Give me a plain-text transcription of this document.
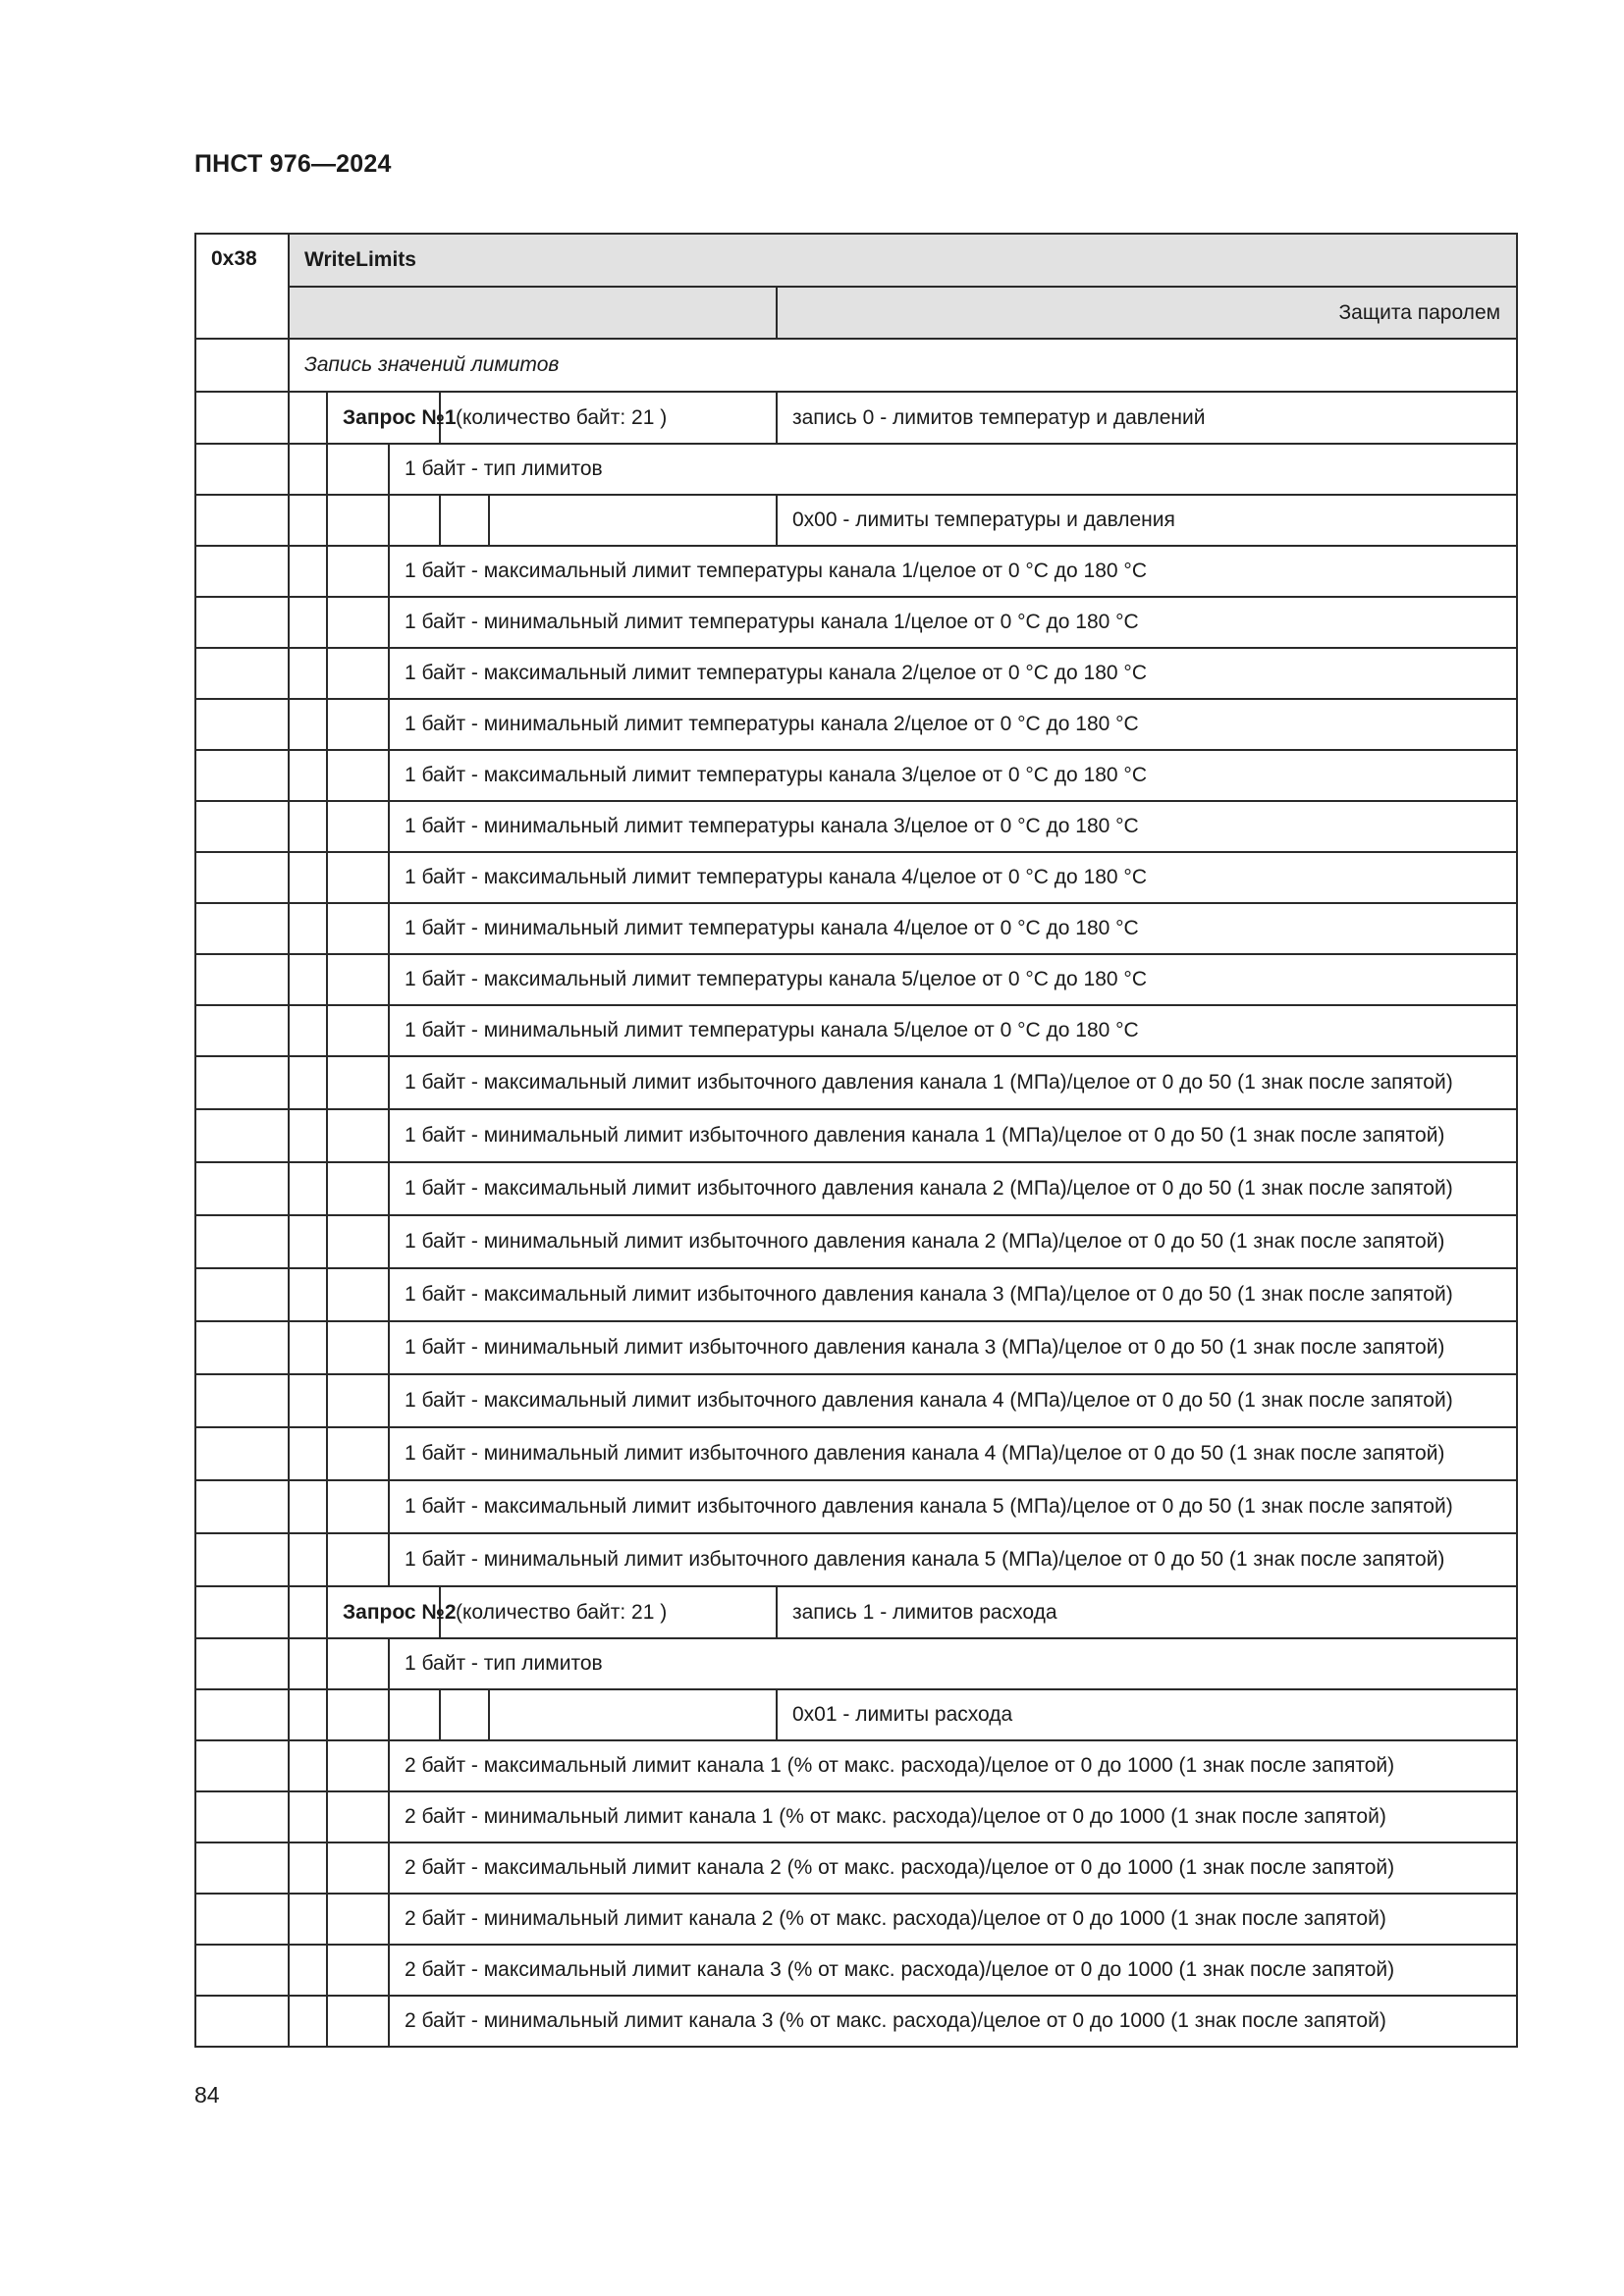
ПНСТ 976—2024
0x38	WriteLimits					
						Защита паролем
	Запись значений лимитов					
		Запрос №1		(количество байт: 21 )		запись 0 - лимитов температур и давлений
			1 байт - тип лимитов			
						0x00 - лимиты температуры и давления
			1 байт - максимальный лимит температуры канала 1/целое от 0 °С до 180 °С			
			1 байт - минимальный лимит температуры канала 1/целое от 0 °С до 180 °С			
			1 байт - максимальный лимит температуры канала 2/целое от 0 °С до 180 °С			
			1 байт - минимальный лимит температуры канала 2/целое от 0 °С до 180 °С			
			1 байт - максимальный лимит температуры канала 3/целое от 0 °С до 180 °С			
			1 байт - минимальный лимит температуры канала 3/целое от 0 °С до 180 °С			
			1 байт - максимальный лимит температуры канала 4/целое от 0 °С до 180 °С			
			1 байт - минимальный лимит температуры канала 4/целое от 0 °С до 180 °С			
			1 байт - максимальный лимит температуры канала 5/целое от 0 °С до 180 °С			
			1 байт - минимальный лимит температуры канала 5/целое от 0 °С до 180 °С			
			1 байт - максимальный лимит избыточного давления канала 1 (МПа)/целое от 0 до 50 (1 знак после запятой)			
			1 байт - минимальный лимит избыточного давления канала 1 (МПа)/целое от 0 до 50 (1 знак после запятой)			
			1 байт - максимальный лимит избыточного давления канала 2 (МПа)/целое от 0 до 50 (1 знак после запятой)			
			1 байт - минимальный лимит избыточного давления канала 2 (МПа)/целое от 0 до 50 (1 знак после запятой)			
			1 байт - максимальный лимит избыточного давления канала 3 (МПа)/целое от 0 до 50 (1 знак после запятой)			
			1 байт - минимальный лимит избыточного давления канала 3 (МПа)/целое от 0 до 50 (1 знак после запятой)			
			1 байт - максимальный лимит избыточного давления канала 4 (МПа)/целое от 0 до 50 (1 знак после запятой)			
			1 байт - минимальный лимит избыточного давления канала 4 (МПа)/целое от 0 до 50 (1 знак после запятой)			
			1 байт - максимальный лимит избыточного давления канала 5 (МПа)/целое от 0 до 50 (1 знак после запятой)			
			1 байт - минимальный лимит избыточного давления канала 5 (МПа)/целое от 0 до 50 (1 знак после запятой)			
		Запрос №2		(количество байт: 21 )		запись 1 - лимитов расхода
			1 байт - тип лимитов			
						0x01 - лимиты расхода
			2 байт - максимальный лимит канала 1 (% от макс. расхода)/целое от 0 до 1000 (1 знак после запятой)			
			2 байт - минимальный лимит канала 1 (% от макс. расхода)/целое от 0 до 1000 (1 знак после запятой)			
			2 байт - максимальный лимит канала 2 (% от макс. расхода)/целое от 0 до 1000 (1 знак после запятой)			
			2 байт - минимальный лимит канала 2 (% от макс. расхода)/целое от 0 до 1000 (1 знак после запятой)			
			2 байт - максимальный лимит канала 3 (% от макс. расхода)/целое от 0 до 1000 (1 знак после запятой)			
			2 байт - минимальный лимит канала 3 (% от макс. расхода)/целое от 0 до 1000 (1 знак после запятой)			
84
